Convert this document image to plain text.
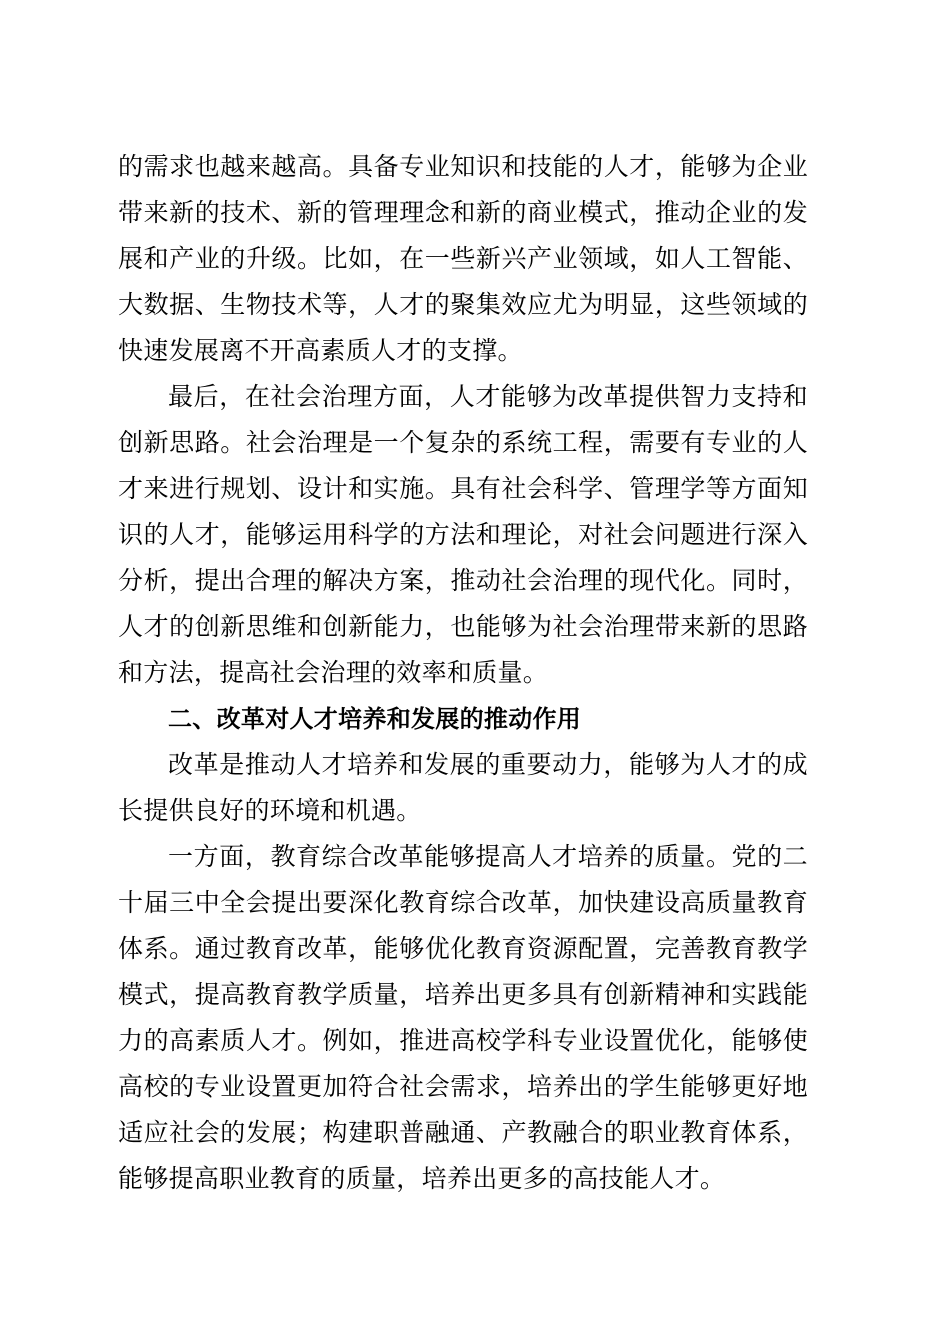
的需求也越来越高。具备专业知识和技能的人才，能够为企业
带来新的技术、新的管理理念和新的商业模式，推动企业的发
展和产业的升级。比如，在一些新兴产业领域，如人工智能、
大数据、生物技术等，人才的聚集效应尤为明显，这些领域的
快速发展离不开高素质人才的支撑。
最后，在社会治理方面，人才能够为改革提供智力支持和
创新思路。社会治理是一个复杂的系统工程，需要有专业的人
才来进行规划、设计和实施。具有社会科学、管理学等方面知
识的人才，能够运用科学的方法和理论，对社会问题进行深入
分析，提出合理的解决方案，推动社会治理的现代化。同时，
人才的创新思维和创新能力，也能够为社会治理带来新的思路
和方法，提高社会治理的效率和质量。
二、改革对人才培养和发展的推动作用
改革是推动人才培养和发展的重要动力，能够为人才的成
长提供良好的环境和机遇。
一方面，教育综合改革能够提高人才培养的质量。党的二
十届三中全会提出要深化教育综合改革，加快建设高质量教育
体系。通过教育改革，能够优化教育资源配置，完善教育教学
模式，提高教育教学质量，培养出更多具有创新精神和实践能
力的高素质人才。例如，推进高校学科专业设置优化，能够使
高校的专业设置更加符合社会需求，培养出的学生能够更好地
适应社会的发展；构建职普融通、产教融合的职业教育体系，
能够提高职业教育的质量，培养出更多的高技能人才。
